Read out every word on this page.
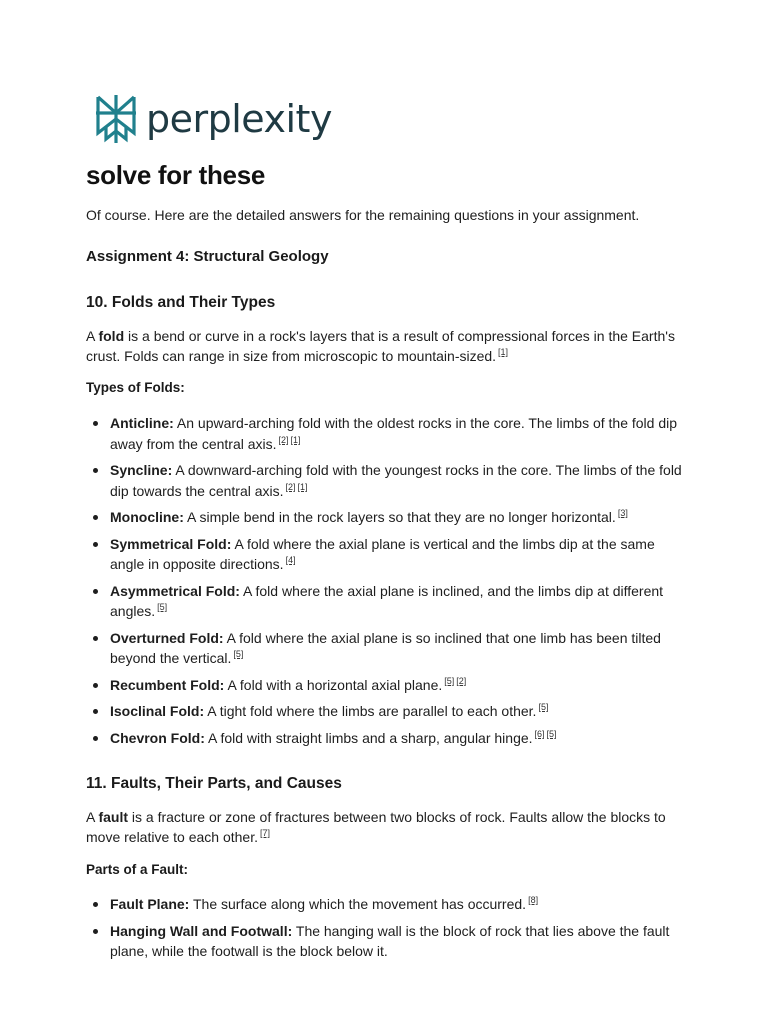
perplexity
solve for these
Of course. Here are the detailed answers for the remaining questions in your assignment.
Assignment 4: Structural Geology
10. Folds and Their Types
A fold is a bend or curve in a rock's layers that is a result of compressional forces in the Earth's crust. Folds can range in size from microscopic to mountain-sized. [1]
Types of Folds:
Anticline: An upward-arching fold with the oldest rocks in the core. The limbs of the fold dip away from the central axis. [2] [1]
Syncline: A downward-arching fold with the youngest rocks in the core. The limbs of the fold dip towards the central axis. [2] [1]
Monocline: A simple bend in the rock layers so that they are no longer horizontal. [3]
Symmetrical Fold: A fold where the axial plane is vertical and the limbs dip at the same angle in opposite directions. [4]
Asymmetrical Fold: A fold where the axial plane is inclined, and the limbs dip at different angles. [5]
Overturned Fold: A fold where the axial plane is so inclined that one limb has been tilted beyond the vertical. [5]
Recumbent Fold: A fold with a horizontal axial plane. [5] [2]
Isoclinal Fold: A tight fold where the limbs are parallel to each other. [5]
Chevron Fold: A fold with straight limbs and a sharp, angular hinge. [6] [5]
11. Faults, Their Parts, and Causes
A fault is a fracture or zone of fractures between two blocks of rock. Faults allow the blocks to move relative to each other. [7]
Parts of a Fault:
Fault Plane: The surface along which the movement has occurred. [8]
Hanging Wall and Footwall: The hanging wall is the block of rock that lies above the fault plane, while the footwall is the block below it.
